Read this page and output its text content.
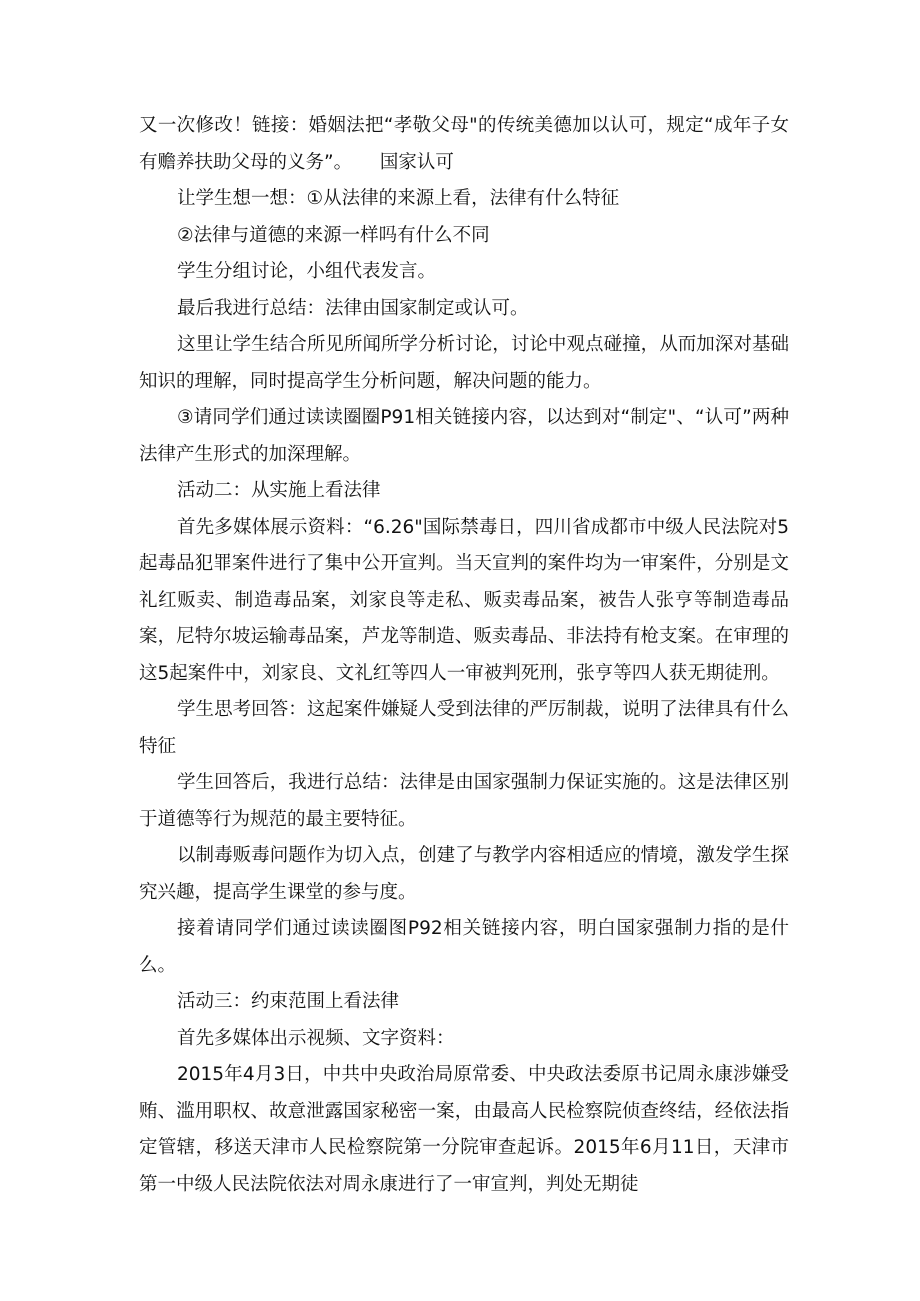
又一次修改！链接：婚姻法把“孝敬父母"的传统美德加以认可，规定“成年子女有赡养扶助父母的义务”。　　国家认可

让学生想一想：①从法律的来源上看，法律有什么特征

②法律与道德的来源一样吗有什么不同

学生分组讨论，小组代表发言。

最后我进行总结：法律由国家制定或认可。

这里让学生结合所见所闻所学分析讨论，讨论中观点碰撞，从而加深对基础知识的理解，同时提高学生分析问题，解决问题的能力。

③请同学们通过读读圈圈P91相关链接内容，以达到对“制定"、“认可”两种法律产生形式的加深理解。

活动二：从实施上看法律

首先多媒体展示资料：“6.26"国际禁毒日，四川省成都市中级人民法院对5起毒品犯罪案件进行了集中公开宣判。当天宣判的案件均为一审案件，分别是文礼红贩卖、制造毒品案，刘家良等走私、贩卖毒品案，被告人张亨等制造毒品案，尼特尔坡运输毒品案，芦龙等制造、贩卖毒品、非法持有枪支案。在审理的这5起案件中，刘家良、文礼红等四人一审被判死刑，张亨等四人获无期徒刑。

学生思考回答：这起案件嫌疑人受到法律的严厉制裁，说明了法律具有什么特征

学生回答后，我进行总结：法律是由国家强制力保证实施的。这是法律区别于道德等行为规范的最主要特征。

以制毒贩毒问题作为切入点，创建了与教学内容相适应的情境，激发学生探究兴趣，提高学生课堂的参与度。

接着请同学们通过读读圈图P92相关链接内容，明白国家强制力指的是什么。

活动三：约束范围上看法律

首先多媒体出示视频、文字资料：

2015年4月3日，中共中央政治局原常委、中央政法委原书记周永康涉嫌受贿、滥用职权、故意泄露国家秘密一案，由最高人民检察院侦查终结，经依法指定管辖，移送天津市人民检察院第一分院审查起诉。2015年6月11日，天津市第一中级人民法院依法对周永康进行了一审宣判，判处无期徒
